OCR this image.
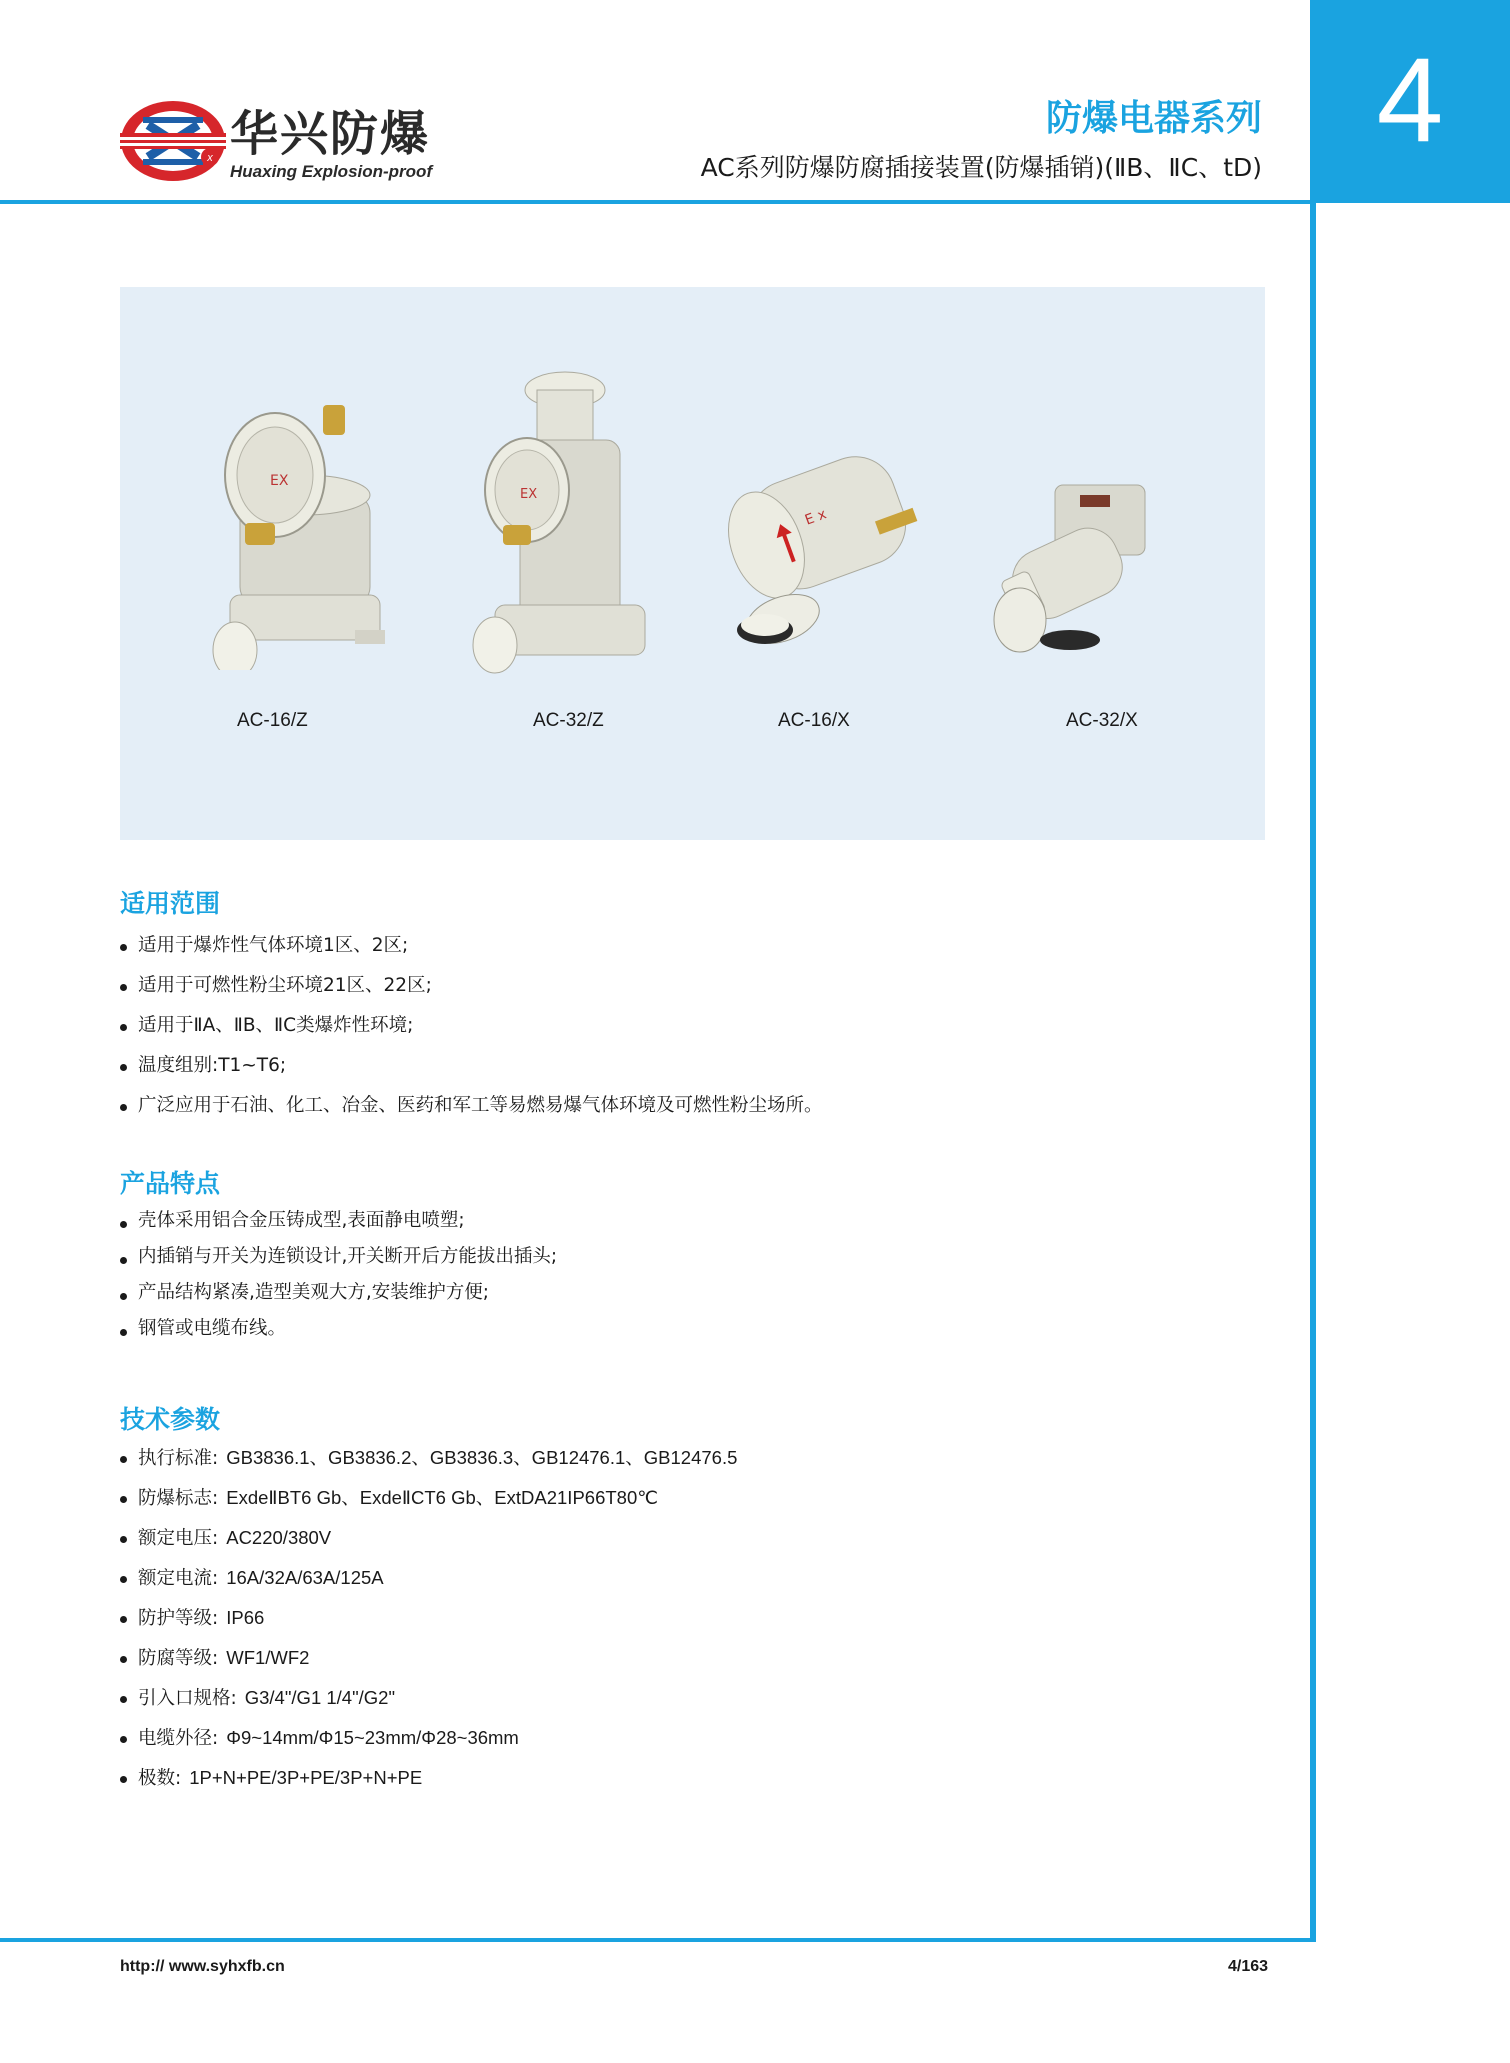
4
x 华兴防爆
Huaxing Explosion-proof
防爆电器系列
AC系列防爆防腐插接装置(防爆插销)(ⅡB、ⅡC、tD)
EX
AC-16/Z
EX
AC-32/Z
E x
AC-16/X	AC-32/X
适用范围
适用于爆炸性气体环境1区、2区;
适用于可燃性粉尘环境21区、22区;
适用于ⅡA、ⅡB、ⅡC类爆炸性环境;
温度组别:T1~T6;
广泛应用于石油、化工、冶金、医药和军工等易燃易爆气体环境及可燃性粉尘场所。
产品特点
壳体采用铝合金压铸成型,表面静电喷塑;
内插销与开关为连锁设计,开关断开后方能拔出插头;
产品结构紧凑,造型美观大方,安装维护方便;
钢管或电缆布线。
技术参数
执行标准: GB3836.1、GB3836.2、GB3836.3、GB12476.1、GB12476.5
防爆标志: ExdeⅡBT6 Gb、ExdeⅡCT6 Gb、ExtDA21IP66T80℃
额定电压: AC220/380V
额定电流: 16A/32A/63A/125A
防护等级: IP66
防腐等级: WF1/WF2
引入口规格: G3/4"/G1 1/4"/G2"
电缆外径: Φ9~14mm/Φ15~23mm/Φ28~36mm
极数: 1P+N+PE/3P+PE/3P+N+PE
http:// www.syhxfb.cn	4/163
